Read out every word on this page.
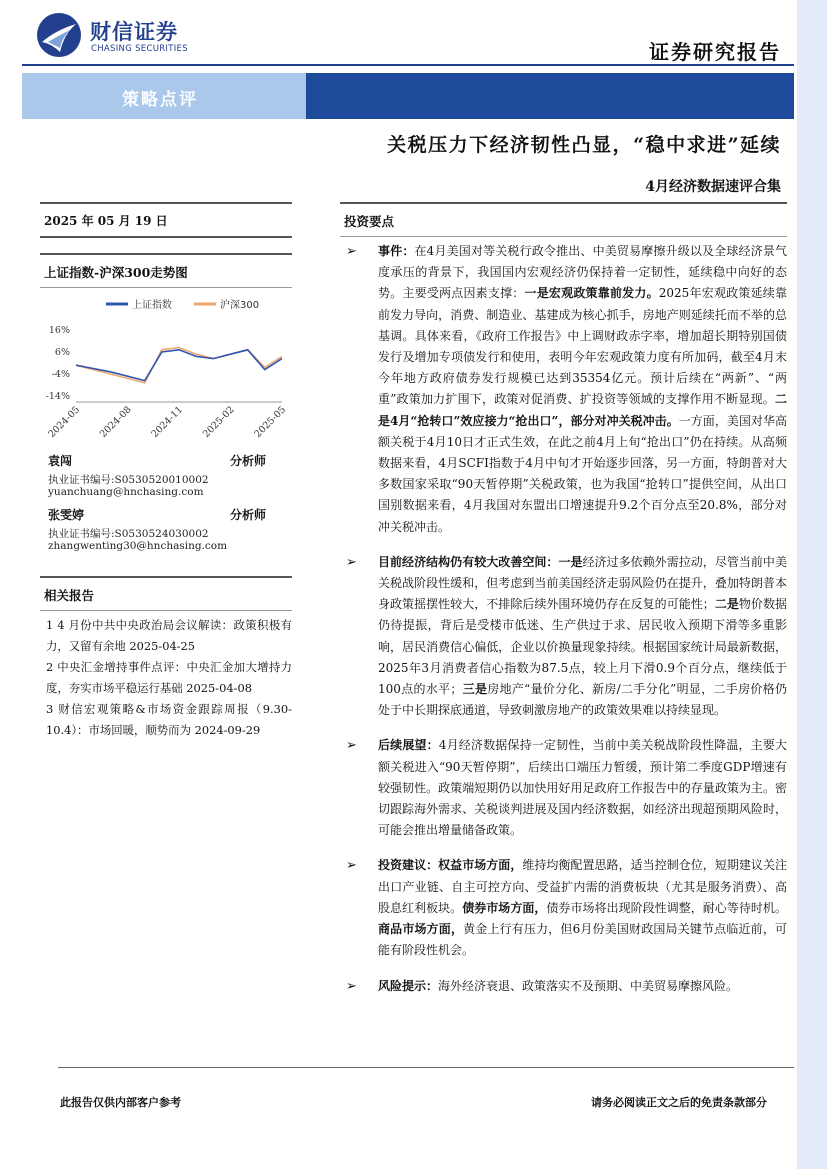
财信证券
CHASING SECURITIES	证券研究报告
策略点评
关税压力下经济韧性凸显，“稳中求进”延续
4月经济数据速评合集
2025 年 05 月 19 日
上证指数-沪深300走势图
上证指数	沪深300
16%
6%
-4%
-14%
2024-05 2024-08 2024-11 2025-02 2025-05
袁闯	分析师
执业证书编号:S0530520010002
yuanchuang@hnchasing.com
张雯婷	分析师
执业证书编号:S0530524030002
zhangwenting30@hnchasing.com
相关报告
1 4 月份中共中央政治局会议解读：政策积极有力，又留有余地 2025-04-25
2 中央汇金增持事件点评：中央汇金加大增持力度，夯实市场平稳运行基础 2025-04-08
3 财信宏观策略&市场资金跟踪周报（9.30-10.4）：市场回暖，顺势而为 2024-09-29
投资要点
➢ 事件：在4月美国对等关税行政令推出、中美贸易摩擦升级以及全球经济景气度承压的背景下，我国国内宏观经济仍保持着一定韧性，延续稳中向好的态势。主要受两点因素支撑：一是宏观政策靠前发力。2025年宏观政策延续靠前发力导向，消费、制造业、基建成为核心抓手，房地产则延续托而不举的总基调。具体来看，《政府工作报告》中上调财政赤字率，增加超长期特别国债发行及增加专项债发行和使用，表明今年宏观政策力度有所加码，截至4月末今年地方政府债券发行规模已达到35354亿元。预计后续在“两新”、“两重”政策加力扩围下，政策对促消费、扩投资等领域的支撑作用不断显现。二是4月“抢转口”效应接力“抢出口”，部分对冲关税冲击。一方面，美国对华高额关税于4月10日才正式生效，在此之前4月上旬“抢出口”仍在持续。从高频数据来看，4月SCFI指数于4月中旬才开始逐步回落，另一方面，特朗普对大多数国家采取“90天暂停期”关税政策，也为我国“抢转口”提供空间，从出口国别数据来看，4月我国对东盟出口增速提升9.2个百分点至20.8%，部分对冲关税冲击。
➢ 目前经济结构仍有较大改善空间：一是经济过多依赖外需拉动，尽管当前中美关税战阶段性缓和，但考虑到当前美国经济走弱风险仍在提升，叠加特朗普本身政策摇摆性较大，不排除后续外围环境仍存在反复的可能性；二是物价数据仍待提振，背后是受楼市低迷、生产供过于求、居民收入预期下滑等多重影响，居民消费信心偏低，企业以价换量现象持续。根据国家统计局最新数据，2025年3月消费者信心指数为87.5点，较上月下滑0.9个百分点，继续低于100点的水平；三是房地产“量价分化、新房/二手分化”明显，二手房价格仍处于中长期探底通道，导致刺激房地产的政策效果难以持续显现。
➢ 后续展望：4月经济数据保持一定韧性，当前中美关税战阶段性降温，主要大额关税进入“90天暂停期”，后续出口端压力暂缓，预计第二季度GDP增速有较强韧性。政策端短期仍以加快用好用足政府工作报告中的存量政策为主。密切跟踪海外需求、关税谈判进展及国内经济数据，如经济出现超预期风险时，可能会推出增量储备政策。
➢ 投资建议：权益市场方面，维持均衡配置思路，适当控制仓位，短期建议关注出口产业链、自主可控方向、受益扩内需的消费板块（尤其是服务消费）、高股息红利板块。债券市场方面，债券市场将出现阶段性调整，耐心等待时机。商品市场方面，黄金上行有压力，但6月份美国财政国局关键节点临近前，可能有阶段性机会。
➢ 风险提示：海外经济衰退、政策落实不及预期、中美贸易摩擦风险。
此报告仅供内部客户参考	请务必阅读正文之后的免责条款部分
